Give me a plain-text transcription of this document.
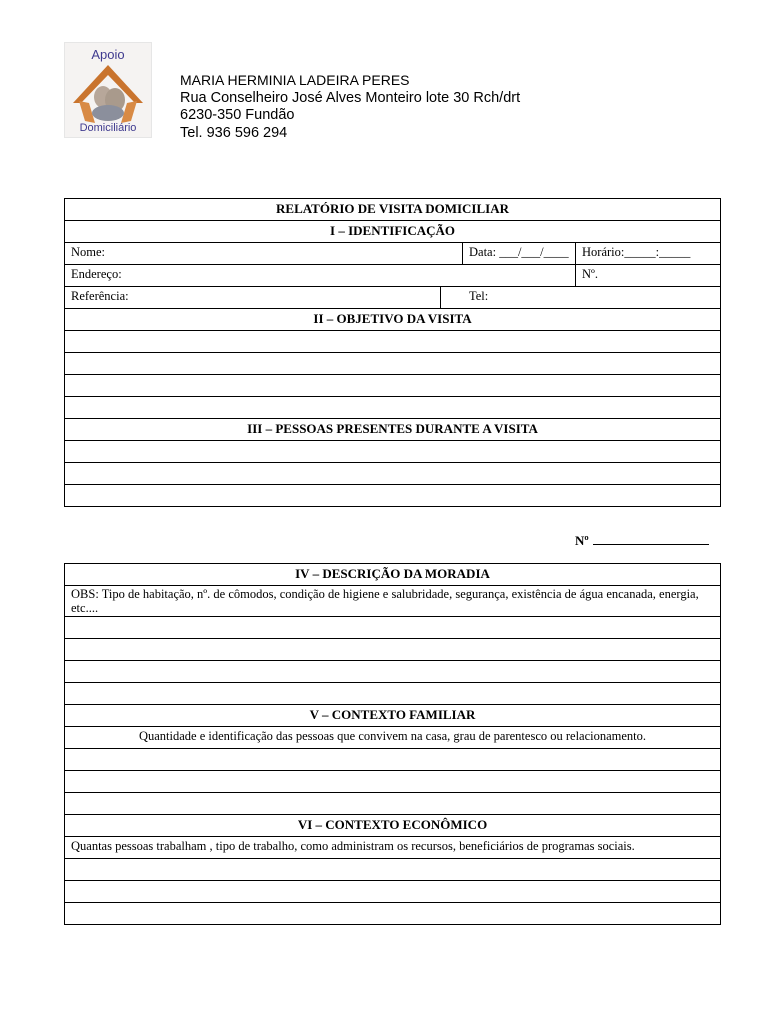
Apoio
Domiciliário
MARIA HERMINIA LADEIRA PERES
Rua Conselheiro José Alves Monteiro lote 30 Rch/drt
6230-350 Fundão
Tel. 936 596 294
RELATÓRIO DE VISITA DOMICILIAR			
I – IDENTIFICAÇÃO			
Nome:		Data: ___/___/____	Horário:_____:_____
Endereço:			Nº.
Referência:	Tel:		
II – OBJETIVO DA VISITA			

III – PESSOAS PRESENTES DURANTE A VISITA			

Nº
IV – DESCRIÇÃO DA MORADIA
OBS: Tipo de habitação, nº. de cômodos, condição de higiene e salubridade, segurança, existência de água encanada, energia, etc....

V – CONTEXTO FAMILIAR
Quantidade e identificação das pessoas que convivem na casa, grau de parentesco ou relacionamento.

VI – CONTEXTO ECONÔMICO
Quantas pessoas trabalham , tipo de trabalho, como administram os recursos, beneficiários de programas sociais.
